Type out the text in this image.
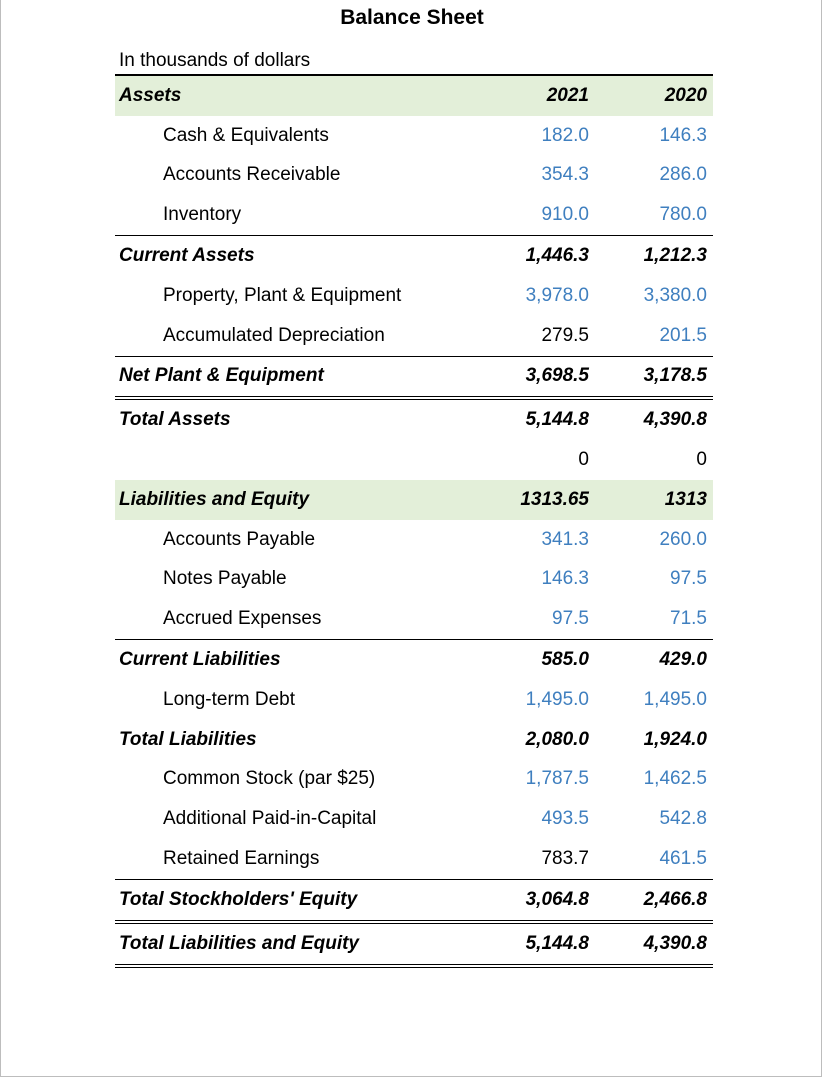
Balance Sheet
In thousands of dollars
Assets	2021	2020
Cash & Equivalents	182.0	146.3
Accounts Receivable	354.3	286.0
Inventory	910.0	780.0
Current Assets	1,446.3	1,212.3
Property, Plant & Equipment	3,978.0	3,380.0
Accumulated Depreciation	279.5	201.5
Net Plant & Equipment	3,698.5	3,178.5
Total Assets	5,144.8	4,390.8
	0	0
Liabilities and Equity	1313.65	1313
Accounts Payable	341.3	260.0
Notes Payable	146.3	97.5
Accrued Expenses	97.5	71.5
Current Liabilities	585.0	429.0
Long-term Debt	1,495.0	1,495.0
Total Liabilities	2,080.0	1,924.0
Common Stock (par $25)	1,787.5	1,462.5
Additional Paid-in-Capital	493.5	542.8
Retained Earnings	783.7	461.5
Total Stockholders' Equity	3,064.8	2,466.8
Total Liabilities and Equity	5,144.8	4,390.8
